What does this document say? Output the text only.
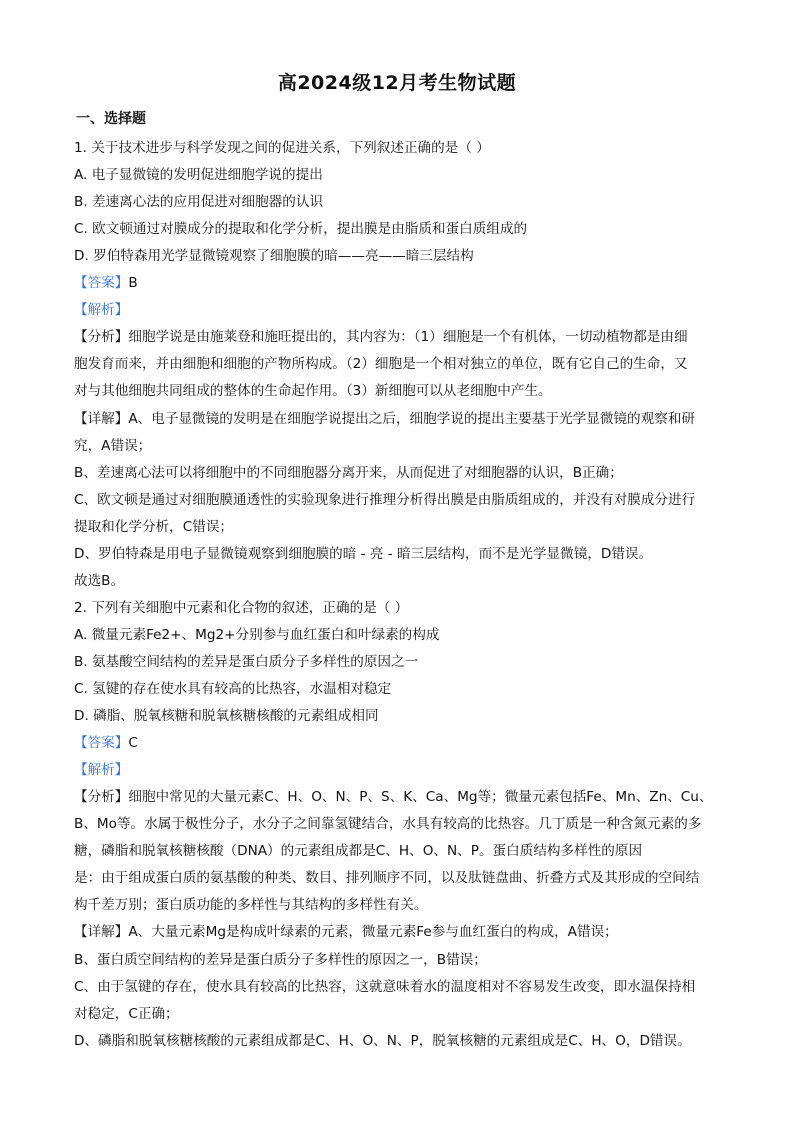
高2024级12月考生物试题
一、选择题
1. 关于技术进步与科学发现之间的促进关系，下列叙述正确的是（ ）
A. 电子显微镜的发明促进细胞学说的提出
B. 差速离心法的应用促进对细胞器的认识
C. 欧文顿通过对膜成分的提取和化学分析，提出膜是由脂质和蛋白质组成的
D. 罗伯特森用光学显微镜观察了细胞膜的暗——亮——暗三层结构
【答案】B
【解析】
【分析】细胞学说是由施莱登和施旺提出的，其内容为：（1）细胞是一个有机体，一切动植物都是由细
胞发育而来，并由细胞和细胞的产物所构成。（2）细胞是一个相对独立的单位，既有它自己的生命，又
对与其他细胞共同组成的整体的生命起作用。（3）新细胞可以从老细胞中产生。
【详解】A、电子显微镜的发明是在细胞学说提出之后，细胞学说的提出主要基于光学显微镜的观察和研
究，A错误；
B、差速离心法可以将细胞中的不同细胞器分离开来，从而促进了对细胞器的认识，B正确；
C、欧文顿是通过对细胞膜通透性的实验现象进行推理分析得出膜是由脂质组成的，并没有对膜成分进行
提取和化学分析，C错误；
D、罗伯特森是用电子显微镜观察到细胞膜的暗 - 亮 - 暗三层结构，而不是光学显微镜，D错误。
故选B。
2. 下列有关细胞中元素和化合物的叙述，正确的是（ ）
A. 微量元素Fe2+、Mg2+分别参与血红蛋白和叶绿素的构成
B. 氨基酸空间结构的差异是蛋白质分子多样性的原因之一
C. 氢键的存在使水具有较高的比热容，水温相对稳定
D. 磷脂、脱氧核糖和脱氧核糖核酸的元素组成相同
【答案】C
【解析】
【分析】细胞中常见的大量元素C、H、O、N、P、S、K、Ca、Mg等；微量元素包括Fe、Mn、Zn、Cu、
B、Mo等。水属于极性分子，水分子之间靠氢键结合，水具有较高的比热容。几丁质是一种含氮元素的多
糖，磷脂和脱氧核糖核酸（DNA）的元素组成都是C、H、O、N、P。蛋白质结构多样性的原因
是：由于组成蛋白质的氨基酸的种类、数目、排列顺序不同，以及肽链盘曲、折叠方式及其形成的空间结
构千差万别；蛋白质功能的多样性与其结构的多样性有关。
【详解】A、大量元素Mg是构成叶绿素的元素，微量元素Fe参与血红蛋白的构成，A错误；
B、蛋白质空间结构的差异是蛋白质分子多样性的原因之一，B错误；
C、由于氢键的存在，使水具有较高的比热容，这就意味着水的温度相对不容易发生改变，即水温保持相
对稳定，C正确；
D、磷脂和脱氧核糖核酸的元素组成都是C、H、O、N、P，脱氧核糖的元素组成是C、H、O，D错误。
